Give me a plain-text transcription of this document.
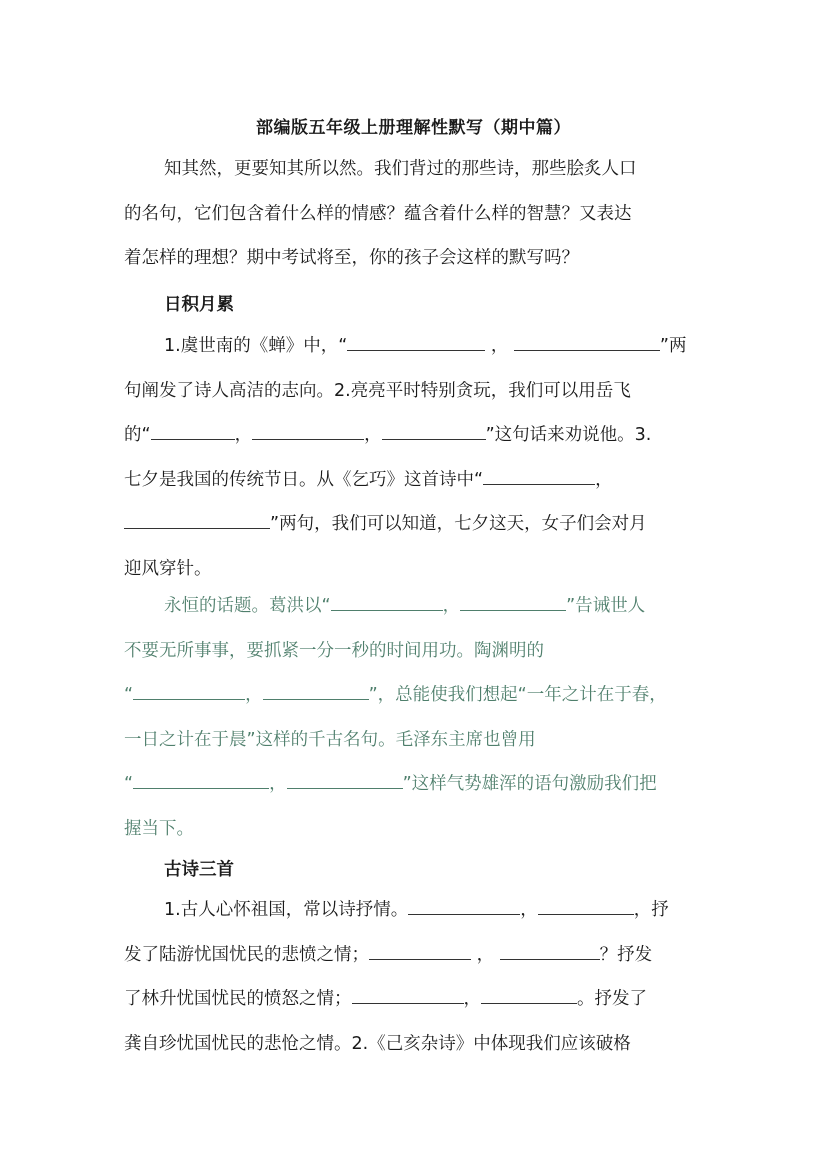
部编版五年级上册理解性默写（期中篇）
知其然，更要知其所以然。我们背过的那些诗，那些脍炙人口
的名句，它们包含着什么样的情感？蕴含着什么样的智慧？又表达
着怎样的理想？期中考试将至，你的孩子会这样的默写吗？
日积月累
1.虞世南的《蝉》中，“	，	”两
句阐发了诗人高洁的志向。2.亮亮平时特别贪玩，我们可以用岳飞
的“	，	，	”这句话来劝说他。3.
七夕是我国的传统节日。从《乞巧》这首诗中“	，
”两句，我们可以知道，七夕这天，女子们会对月
迎风穿针。
永恒的话题。葛洪以“	，	”告诫世人
不要无所事事，要抓紧一分一秒的时间用功。陶渊明的
“	，	”，总能使我们想起“一年之计在于春，
一日之计在于晨”这样的千古名句。毛泽东主席也曾用
“	，	”这样气势雄浑的语句激励我们把
握当下。
古诗三首
1.古人心怀祖国，常以诗抒情。	，	，抒
发了陆游忧国忧民的悲愤之情；	，	？抒发
了林升忧国忧民的愤怒之情；	，	。抒发了
龚自珍忧国忧民的悲怆之情。2.《己亥杂诗》中体现我们应该破格
